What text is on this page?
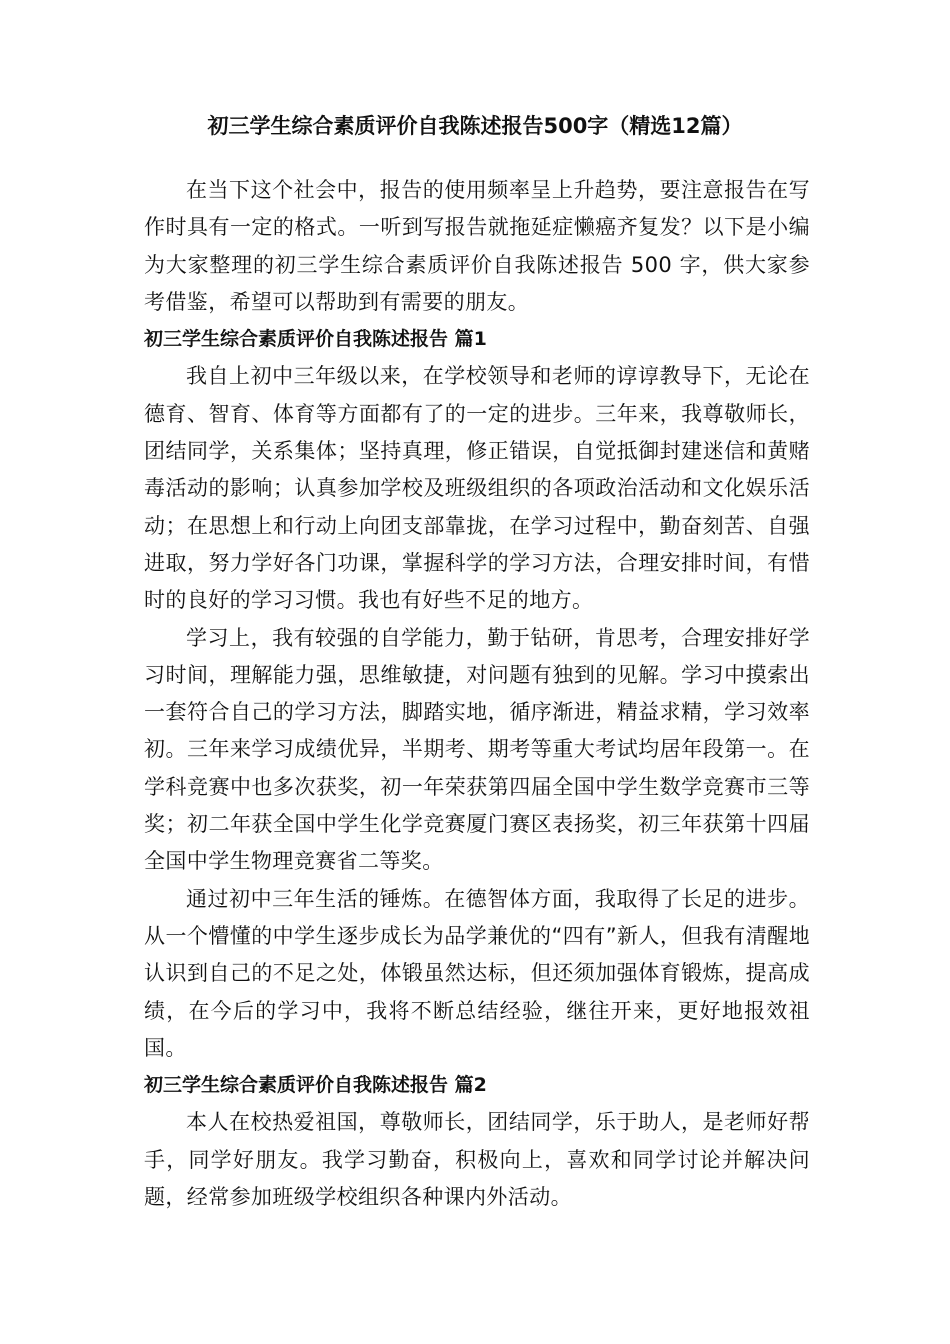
初三学生综合素质评价自我陈述报告500字（精选12篇）

在当下这个社会中，报告的使用频率呈上升趋势，要注意报告在写作时具有一定的格式。一听到写报告就拖延症懒癌齐复发？以下是小编为大家整理的初三学生综合素质评价自我陈述报告 500 字，供大家参考借鉴，希望可以帮助到有需要的朋友。

初三学生综合素质评价自我陈述报告 篇1

我自上初中三年级以来，在学校领导和老师的谆谆教导下，无论在德育、智育、体育等方面都有了的一定的进步。三年来，我尊敬师长，团结同学，关系集体；坚持真理，修正错误，自觉抵御封建迷信和黄赌毒活动的影响；认真参加学校及班级组织的各项政治活动和文化娱乐活动；在思想上和行动上向团支部靠拢，在学习过程中，勤奋刻苦、自强进取，努力学好各门功课，掌握科学的学习方法，合理安排时间，有惜时的良好的学习习惯。我也有好些不足的地方。

学习上，我有较强的自学能力，勤于钻研，肯思考，合理安排好学习时间，理解能力强，思维敏捷，对问题有独到的见解。学习中摸索出一套符合自己的学习方法，脚踏实地，循序渐进，精益求精，学习效率初。三年来学习成绩优异，半期考、期考等重大考试均居年段第一。在学科竞赛中也多次获奖，初一年荣获第四届全国中学生数学竞赛市三等奖；初二年获全国中学生化学竞赛厦门赛区表扬奖，初三年获第十四届全国中学生物理竞赛省二等奖。

通过初中三年生活的锤炼。在德智体方面，我取得了长足的进步。从一个懵懂的中学生逐步成长为品学兼优的“四有”新人，但我有清醒地认识到自己的不足之处，体锻虽然达标，但还须加强体育锻炼，提高成绩，在今后的学习中，我将不断总结经验，继往开来，更好地报效祖国。

初三学生综合素质评价自我陈述报告 篇2

本人在校热爱祖国，尊敬师长，团结同学，乐于助人，是老师好帮手，同学好朋友。我学习勤奋，积极向上，喜欢和同学讨论并解决问题，经常参加班级学校组织各种课内外活动。
